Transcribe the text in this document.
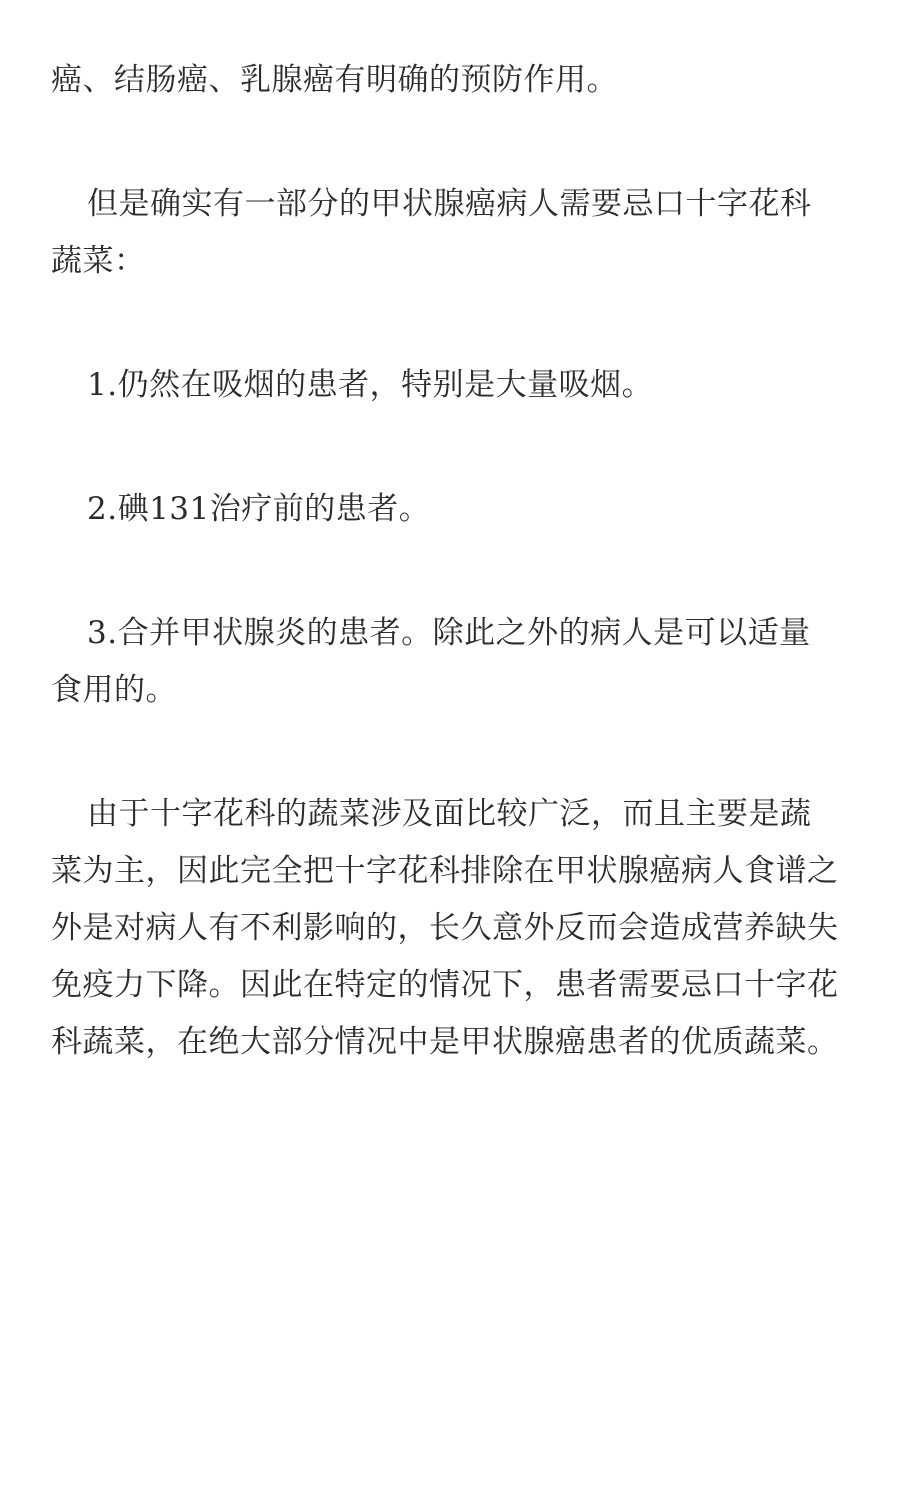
癌、结肠癌、乳腺癌有明确的预防作用。

但是确实有一部分的甲状腺癌病人需要忌口十字花科蔬菜：

1.仍然在吸烟的患者，特别是大量吸烟。

2.碘131治疗前的患者。

3.合并甲状腺炎的患者。除此之外的病人是可以适量食用的。

由于十字花科的蔬菜涉及面比较广泛，而且主要是蔬菜为主，因此完全把十字花科排除在甲状腺癌病人食谱之外是对病人有不利影响的，长久意外反而会造成营养缺失免疫力下降。因此在特定的情况下，患者需要忌口十字花科蔬菜，在绝大部分情况中是甲状腺癌患者的优质蔬菜。
